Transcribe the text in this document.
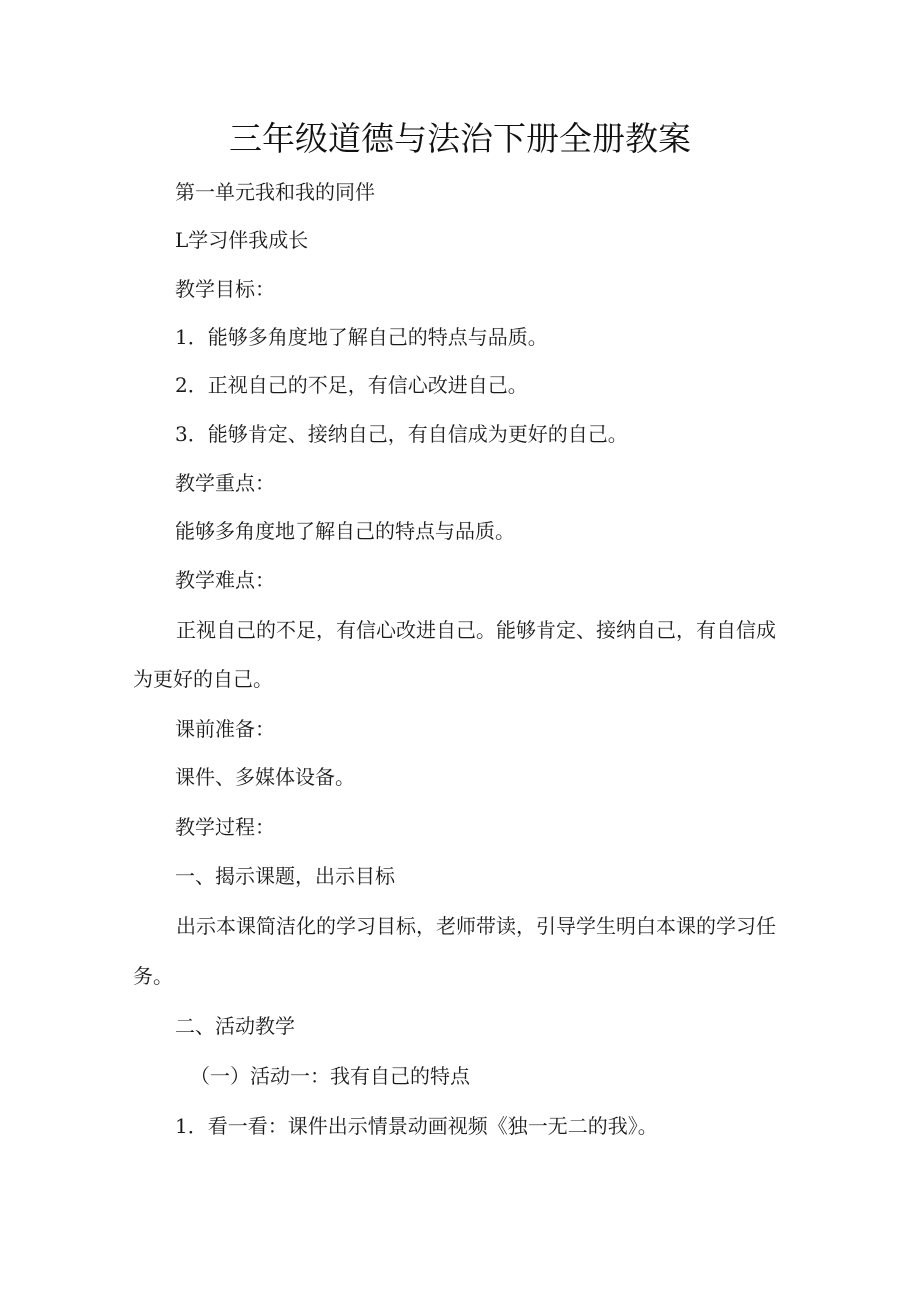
三年级道德与法治下册全册教案
第一单元我和我的同伴
L学习伴我成长
教学目标：
1．能够多角度地了解自己的特点与品质。
2．正视自己的不足，有信心改进自己。
3．能够肯定、接纳自己，有自信成为更好的自己。
教学重点：
能够多角度地了解自己的特点与品质。
教学难点：
正视自己的不足，有信心改进自己。能够肯定、接纳自己，有自信成
为更好的自己。
课前准备：
课件、多媒体设备。
教学过程：
一、揭示课题，出示目标
出示本课简洁化的学习目标，老师带读，引导学生明白本课的学习任
务。
二、活动教学
（一）活动一：我有自己的特点
1．看一看：课件出示情景动画视频《独一无二的我》。
